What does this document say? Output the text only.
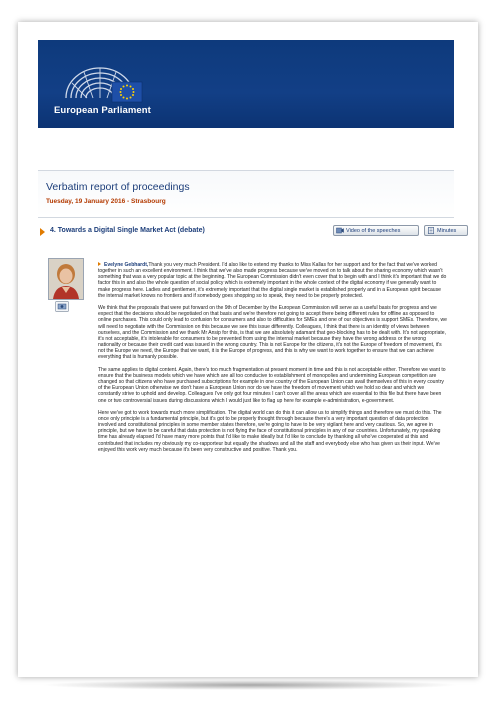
European Parliament
Verbatim report of proceedings
Tuesday, 19 January 2016 - Strasbourg
4. Towards a Digital Single Market Act (debate)	Video of the speeches	Minutes

Evelyne Gebhardt,Thank you very much President. I'd also like to extend my thanks to Miss Kallas for her support and for the fact that we've worked together in such an excellent environment. I think that we've also made progress because we've moved on to talk about the sharing economy which wasn't something that was a very popular topic at the beginning. The European Commission didn't even cover that to begin with and I think it's important that we do factor this in and also the whole question of social policy which is extremely important in the whole context of the digital economy if we generally want to make progress here. Ladies and gentlemen, it's extremely important that the digital single market is established properly and in a European spirit because the internal market knows no frontiers and if somebody goes shopping so to speak, they need to be properly protected.

We think that the proposals that were put forward on the 9th of December by the European Commission will serve as a useful basis for progress and we expect that the decisions should be negotiated on that basis and we're therefore not going to accept there being different rules for offline as opposed to online purchases. This could only lead to confusion for consumers and also to difficulties for SMEs and one of our objectives is support SMEs. Therefore, we will need to negotiate with the Commission on this because we see this issue differently. Colleagues, I think that there is an identity of views between ourselves, and the Commission and we thank Mr Ansip for this, is that we are absolutely adamant that geo-blocking has to be dealt with. It's not appropriate, it's not acceptable, it's intolerable for consumers to be prevented from using the internal market because they have the wrong address or the wrong nationality or because their credit card was issued in the wrong country. This is not Europe for the citizens, it's not the Europe of freedom of movement, it's not the Europe we need, the Europe that we want, it is the Europe of progress, and this is why we want to work together to ensure that we can achieve everything that is humanly possible.

The same applies to digital content. Again, there's too much fragmentation at present moment in time and this is not acceptable either. Therefore we want to ensure that the business models which we have which are all too conducive to establishment of monopolies and undermining European competition are changed so that citizens who have purchased subscriptions for example in one country of the European Union can avail themselves of this in every country of the European Union otherwise we don't have a European Union nor do we have the freedom of movement which we hold so dear and which we constantly strive to uphold and develop. Colleagues I've only got four minutes I can't cover all the areas which are essential to this file but there have been one or two controversial issues during discussions which I would just like to flag up here for example e-administration, e-government.

Here we've got to work towards much more simplification. The digital world can do this it can allow us to simplify things and therefore we must do this. The once only principle is a fundamental principle, but it's got to be properly thought through because there's a very important question of data protection involved and constitutional principles in some member states therefore, we're going to have to be very vigilant here and very cautious. So, we agree in principle, but we have to be careful that data protection is not flying the face of constitutional principles in any of our countries. Unfortunately, my speaking time has already elapsed I'd have many more points that I'd like to make ideally but I'd like to conclude by thanking all who've cooperated at this and contributed that includes my obviously my co-rapporteur but equally the shadows and all the staff and everybody else who has given us their input. We've enjoyed this work very much because it's been very constructive and positive. Thank you.
